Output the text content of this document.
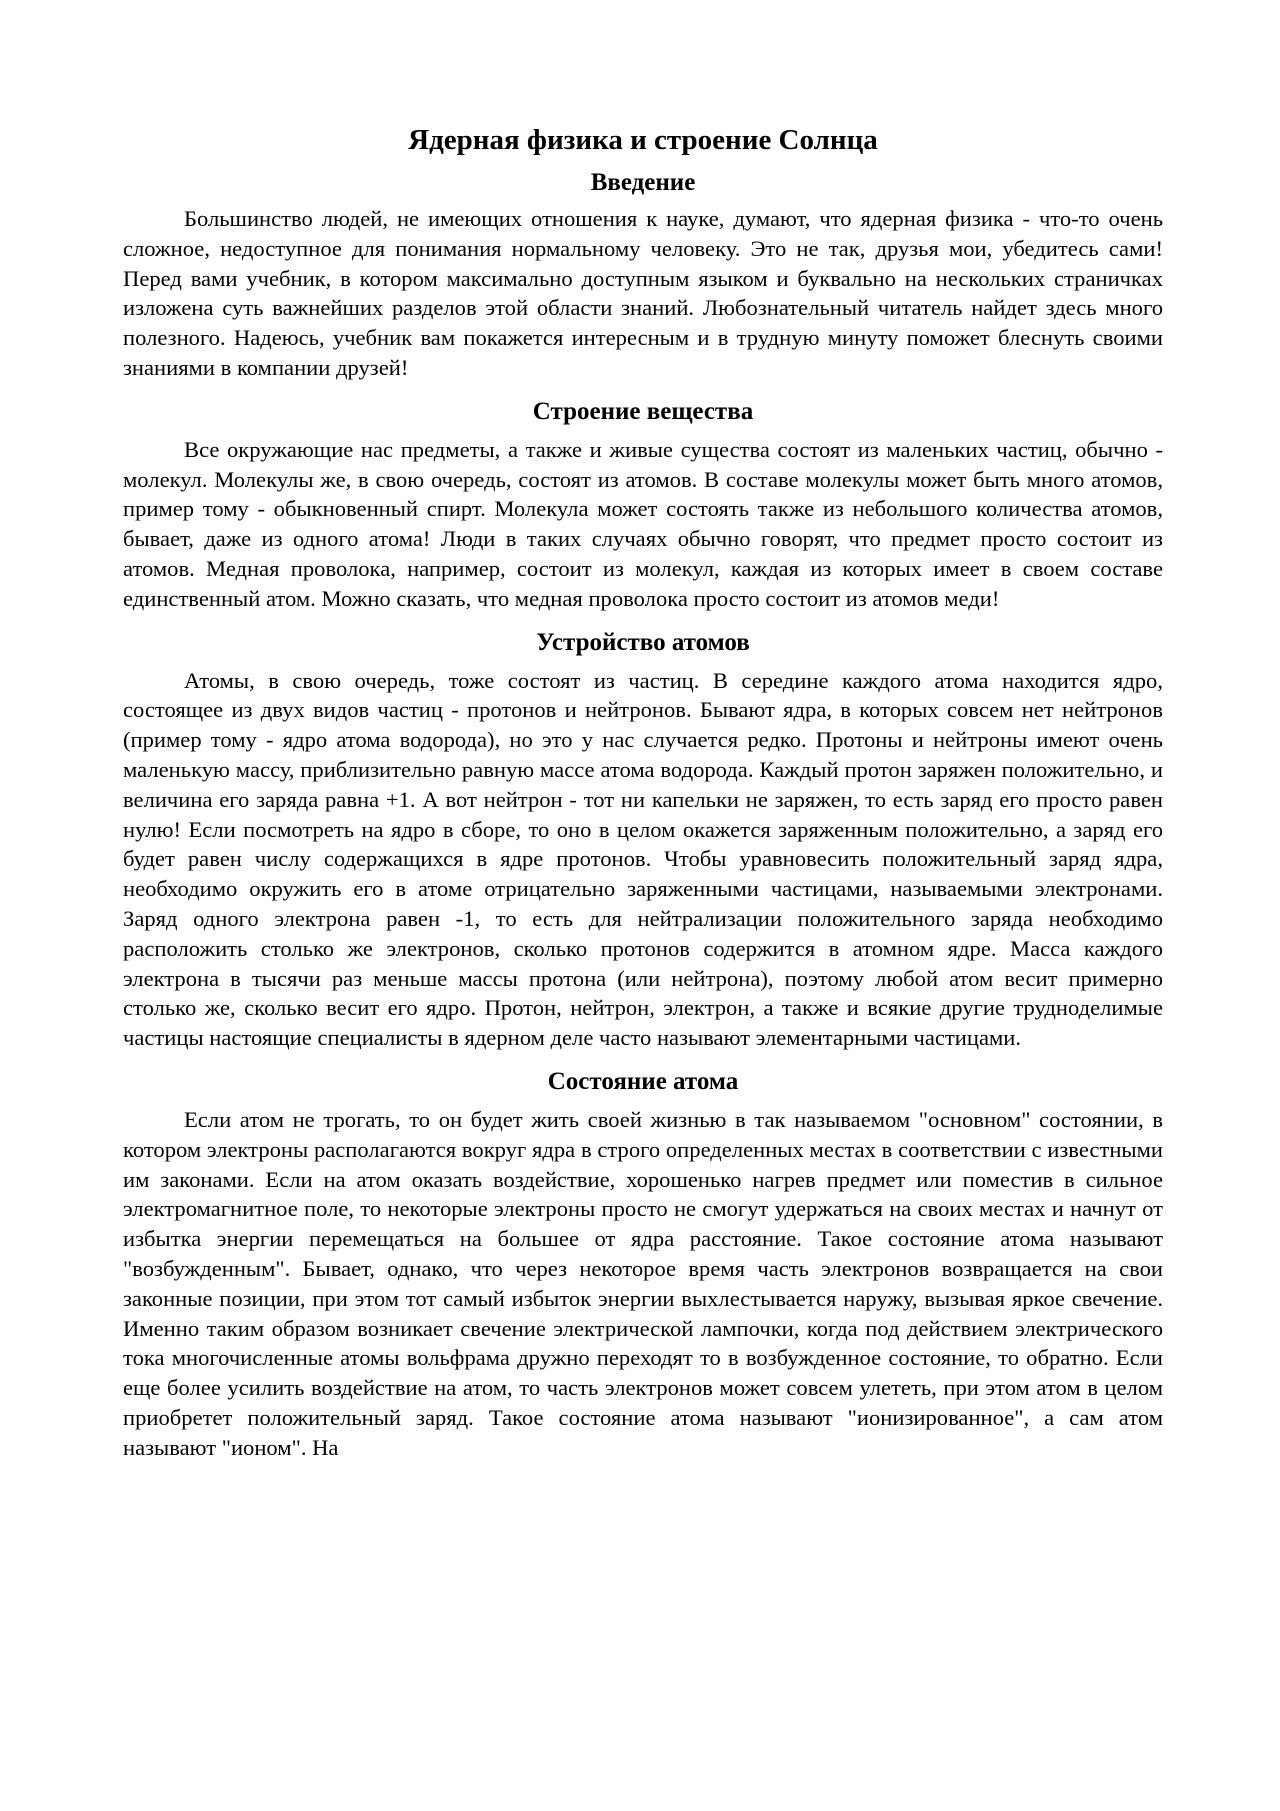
Ядерная физика и строение Солнца
Введение

Большинство людей, не имеющих отношения к науке, думают, что ядерная физика - что-то очень сложное, недоступное для понимания нормальному человеку. Это не так, друзья мои, убедитесь сами! Перед вами учебник, в котором максимально доступным языком и буквально на нескольких страничках изложена суть важнейших разделов этой области знаний. Любознательный читатель найдет здесь много полезного. Надеюсь, учебник вам покажется интересным и в трудную минуту поможет блеснуть своими знаниями в компании друзей!

Строение вещества

Все окружающие нас предметы, а также и живые существа состоят из маленьких частиц, обычно - молекул. Молекулы же, в свою очередь, состоят из атомов. В составе молекулы может быть много атомов, пример тому - обыкновенный спирт. Молекула может состоять также из небольшого количества атомов, бывает, даже из одного атома! Люди в таких случаях обычно говорят, что предмет просто состоит из атомов. Медная проволока, например, состоит из молекул, каждая из которых имеет в своем составе единственный атом. Можно сказать, что медная проволока просто состоит из атомов меди!

Устройство атомов

Атомы, в свою очередь, тоже состоят из частиц. В середине каждого атома находится ядро, состоящее из двух видов частиц - протонов и нейтронов. Бывают ядра, в которых совсем нет нейтронов (пример тому - ядро атома водорода), но это у нас случается редко. Протоны и нейтроны имеют очень маленькую массу, приблизительно равную массе атома водорода. Каждый протон заряжен положительно, и величина его заряда равна +1. А вот нейтрон - тот ни капельки не заряжен, то есть заряд его просто равен нулю! Если посмотреть на ядро в сборе, то оно в целом окажется заряженным положительно, а заряд его будет равен числу содержащихся в ядре протонов. Чтобы уравновесить положительный заряд ядра, необходимо окружить его в атоме отрицательно заряженными частицами, называемыми электронами. Заряд одного электрона равен -1, то есть для нейтрализации положительного заряда необходимо расположить столько же электронов, сколько протонов содержится в атомном ядре. Масса каждого электрона в тысячи раз меньше массы протона (или нейтрона), поэтому любой атом весит примерно столько же, сколько весит его ядро. Протон, нейтрон, электрон, а также и всякие другие трудноделимые частицы настоящие специалисты в ядерном деле часто называют элементарными частицами.

Состояние атома

Если атом не трогать, то он будет жить своей жизнью в так называемом "основном" состоянии, в котором электроны располагаются вокруг ядра в строго определенных местах в соответствии с известными им законами. Если на атом оказать воздействие, хорошенько нагрев предмет или поместив в сильное электромагнитное поле, то некоторые электроны просто не смогут удержаться на своих местах и начнут от избытка энергии перемещаться на большее от ядра расстояние. Такое состояние атома называют "возбужденным". Бывает, однако, что через некоторое время часть электронов возвращается на свои законные позиции, при этом тот самый избыток энергии выхлестывается наружу, вызывая яркое свечение. Именно таким образом возникает свечение электрической лампочки, когда под действием электрического тока многочисленные атомы вольфрама дружно переходят то в возбужденное состояние, то обратно. Если еще более усилить воздействие на атом, то часть электронов может совсем улететь, при этом атом в целом приобретет положительный заряд. Такое состояние атома называют "ионизированное", а сам атом называют "ионом". На
